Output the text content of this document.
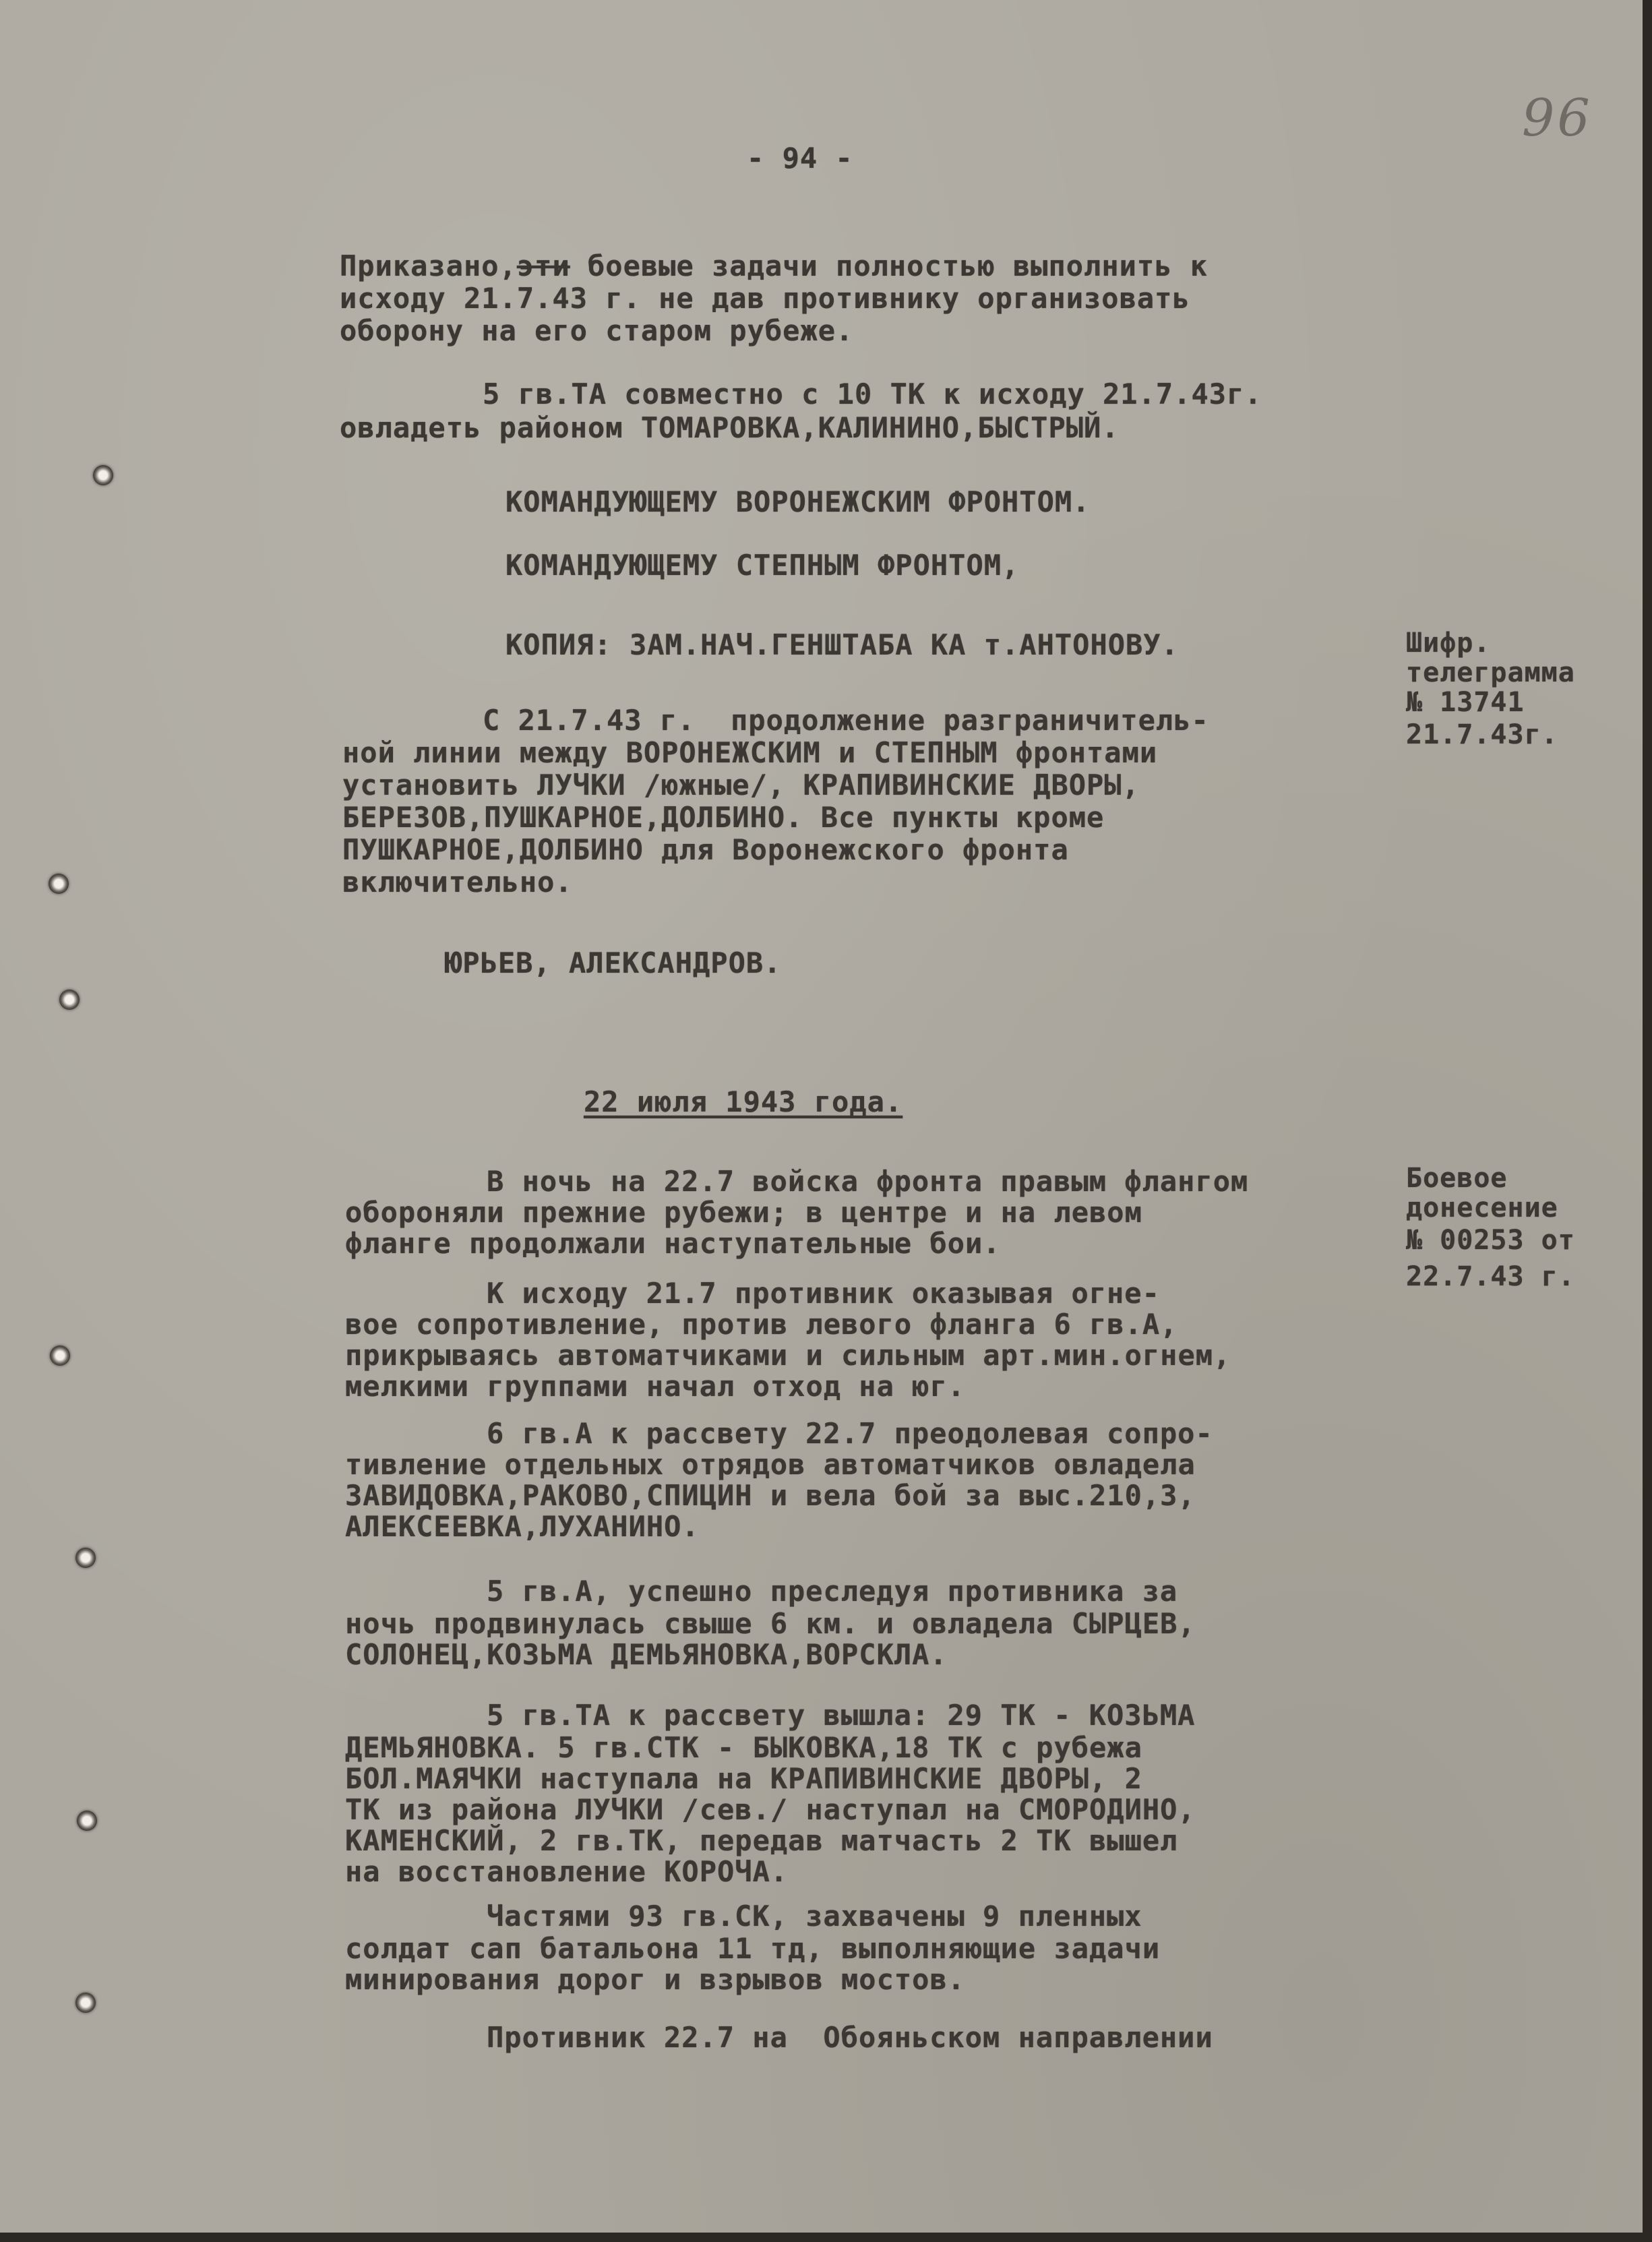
96

- 94 -

Приказано,эти боевые задачи полностью выполнить к

исходу 21.7.43 г. не дав противнику организовать

оборону на его старом рубеже.

5 гв.ТА совместно с 10 ТК к исходу 21.7.43г.

овладеть районом ТОМАРОВКА,КАЛИНИНО,БЫСТРЫЙ.

КОМАНДУЮЩЕМУ ВОРОНЕЖСКИМ ФРОНТОМ.

КОМАНДУЮЩЕМУ СТЕПНЫМ ФРОНТОМ,

КОПИЯ: ЗАМ.НАЧ.ГЕНШТАБА КА т.АНТОНОВУ.	Шифр.

телеграмма

№ 13741

21.7.43г.

С 21.7.43 г.  продолжение разграничитель-

ной линии между ВОРОНЕЖСКИМ и СТЕПНЫМ фронтами

установить ЛУЧКИ /южные/, КРАПИВИНСКИЕ ДВОРЫ,

БЕРЕЗОВ,ПУШКАРНОЕ,ДОЛБИНО. Все пункты кроме

ПУШКАРНОЕ,ДОЛБИНО для Воронежского фронта

включительно.

ЮРЬЕВ, АЛЕКСАНДРОВ.

22 июля 1943 года.

Боевое

донесение

№ 00253 от

22.7.43 г.

В ночь на 22.7 войска фронта правым флангом

обороняли прежние рубежи; в центре и на левом

фланге продолжали наступательные бои.

К исходу 21.7 противник оказывая огне-

вое сопротивление, против левого фланга 6 гв.А,

прикрываясь автоматчиками и сильным арт.мин.огнем,

мелкими группами начал отход на юг.

6 гв.А к рассвету 22.7 преодолевая сопро-

тивление отдельных отрядов автоматчиков овладела

ЗАВИДОВКА,РАКОВО,СПИЦИН и вела бой за выс.210,3,

АЛЕКСЕЕВКА,ЛУХАНИНО.

5 гв.А, успешно преследуя противника за

ночь продвинулась свыше 6 км. и овладела СЫРЦЕВ,

СОЛОНЕЦ,КОЗЬМА ДЕМЬЯНОВКА,ВОРСКЛА.

5 гв.ТА к рассвету вышла: 29 ТК - КОЗЬМА

ДЕМЬЯНОВКА. 5 гв.СТК - БЫКОВКА,18 ТК с рубежа

БОЛ.МАЯЧКИ наступала на КРАПИВИНСКИЕ ДВОРЫ, 2

ТК из района ЛУЧКИ /сев./ наступал на СМОРОДИНО,

КАМЕНСКИЙ, 2 гв.ТК, передав матчасть 2 ТК вышел

на восстановление КОРОЧА.

Частями 93 гв.СК, захвачены 9 пленных

солдат сап батальона 11 тд, выполняющие задачи

минирования дорог и взрывов мостов.

Противник 22.7 на  Обояньском направлении
